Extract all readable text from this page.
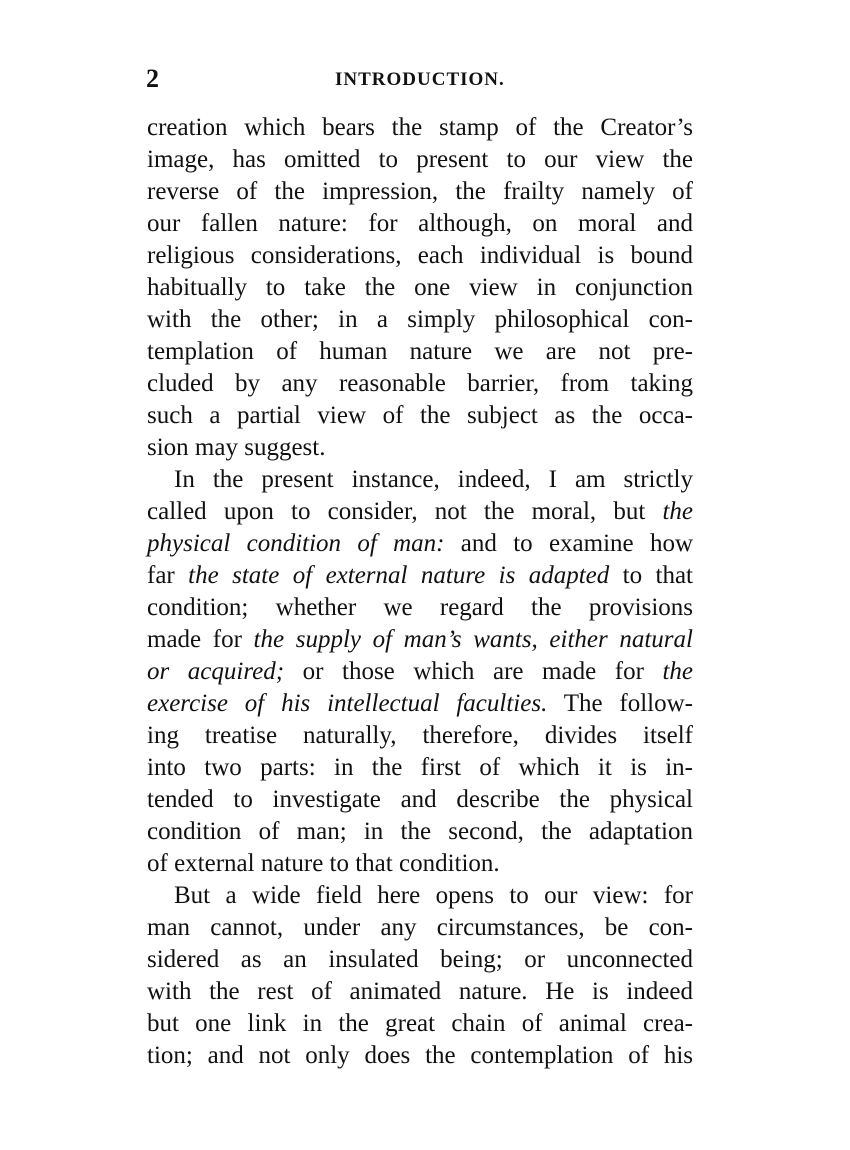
2	INTRODUCTION.
creation which bears the stamp of the Creator’s
image, has omitted to present to our view the
reverse of the impression, the frailty namely of
our fallen nature: for although, on moral and
religious considerations, each individual is bound
habitually to take the one view in conjunction
with the other; in a simply philosophical con-
templation of human nature we are not pre-
cluded by any reasonable barrier, from taking
such a partial view of the subject as the occa-
sion may suggest.
In the present instance, indeed, I am strictly
called upon to consider, not the moral, but the
physical condition of man: and to examine how
far the state of external nature is adapted to that
condition; whether we regard the provisions
made for the supply of man’s wants, either natural
or acquired; or those which are made for the
exercise of his intellectual faculties. The follow-
ing treatise naturally, therefore, divides itself
into two parts: in the first of which it is in-
tended to investigate and describe the physical
condition of man; in the second, the adaptation
of external nature to that condition.
But a wide field here opens to our view: for
man cannot, under any circumstances, be con-
sidered as an insulated being; or unconnected
with the rest of animated nature. He is indeed
but one link in the great chain of animal crea-
tion; and not only does the contemplation of his
